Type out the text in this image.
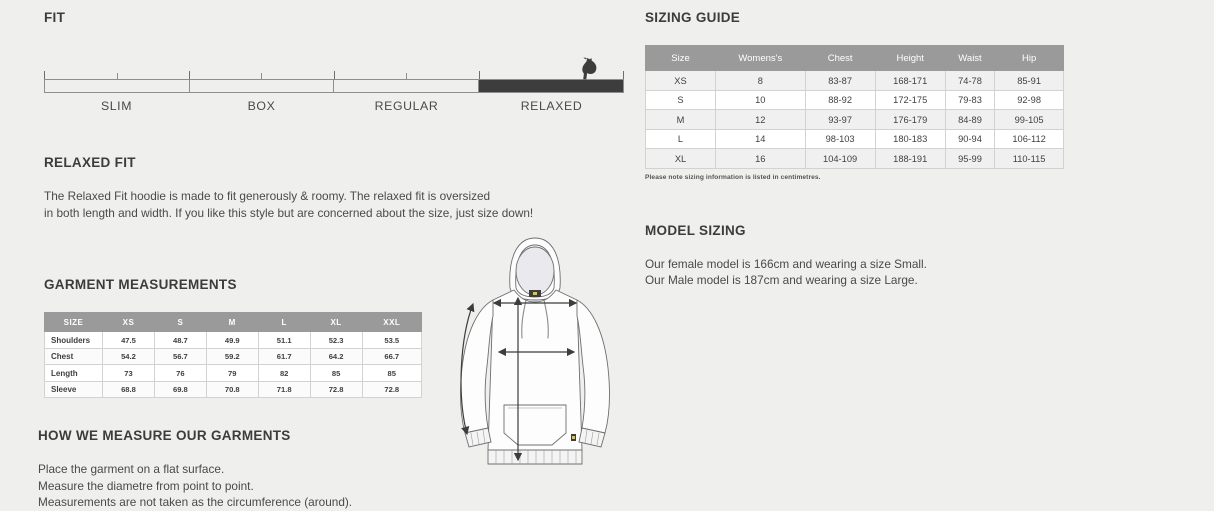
FIT
SLIM	BOX	REGULAR	RELAXED
RELAXED FIT
The Relaxed Fit hoodie is made to fit generously & roomy. The relaxed fit is oversized
in both length and width. If you like this style but are concerned about the size, just size down!
GARMENT MEASUREMENTS
SIZE	XS	S	M	L	XL	XXL
Shoulders	47.5	48.7	49.9	51.1	52.3	53.5
Chest	54.2	56.7	59.2	61.7	64.2	66.7
Length	73	76	79	82	85	85
Sleeve	68.8	69.8	70.8	71.8	72.8	72.8
HOW WE MEASURE OUR GARMENTS
Place the garment on a flat surface.
Measure the diametre from point to point.
Measurements are not taken as the circumference (around).
SIZING GUIDE
Size	Womens's	Chest	Height	Waist	Hip
XS	8	83-87	168-171	74-78	85-91
S	10	88-92	172-175	79-83	92-98
M	12	93-97	176-179	84-89	99-105
L	14	98-103	180-183	90-94	106-112
XL	16	104-109	188-191	95-99	110-115
Please note sizing information is listed in centimetres.
MODEL SIZING
Our female model is 166cm and wearing a size Small.
Our Male model is 187cm and wearing a size Large.
